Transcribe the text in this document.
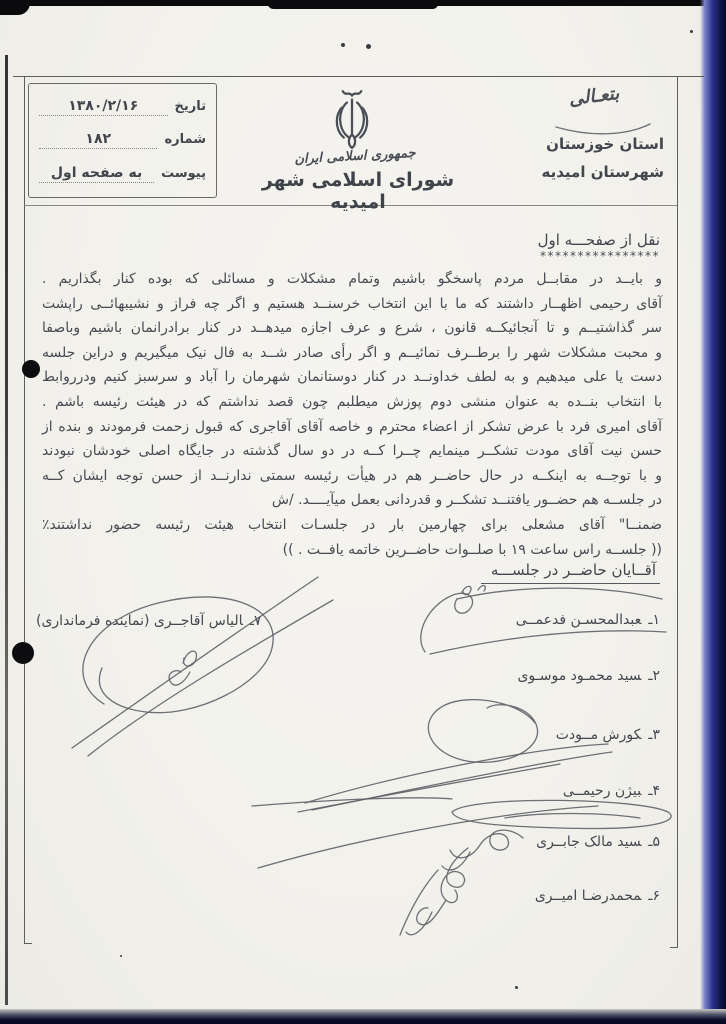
بتعـالی
استان خوزستان
شهرستان امیدیه
جمهوری اسلامی ایران
شورای اسلامی شهر امیدیه
تاریخ
۱۳۸۰/۲/۱۶
شماره
۱۸۲
پیوست
به صفحه اول
نقل از صفحـــه اول
****************
و بایــد در مقابــل مردم پاسخگو باشیم وتمام مشکلات و مسائلی که بوده کنار بگذاریم .
آقای رحیمی اظهــار داشتند که ما با این انتخاب خرسنــد هستیم و اگر چه فراز و نشیبهائــی راپشت
سر گذاشتیــم و تا آنجائیکــه قانون ، شرع و عرف اجازه میدهــد در کنار برادرانمان باشیم وباصفا
و محبت مشکلات شهر را برطــرف نمائیــم و اگر رأی صادر شــد به فال نیک میگیریم و دراین جلسه
دست یا علی میدهیم و به لطف خداونــد در کنار دوستانمان شهرمان را آباد و سرسبز کنیم ودرروابط
با انتخاب بنــده به عنوان منشی دوم پوزش میطلبم چون قصد نداشتم که در هیئت رئیسه باشم .
آقای امیری فرد با عرض تشکر از اعضاء محترم و خاصه آقای آقاجری که قبول زحمت فرمودند و بنده از
حسن نیت آقای مودت تشکــر مینمایم چــرا کــه در دو سال گذشته در جایگاه اصلی خودشان نبودند
و با توجــه به اینکــه در حال حاضــر هم در هیأت رئیسه سمتی ندارنــد از حسن توجه ایشان کــه
در جلســه هم حضــور یافتنــد تشکــر و قدردانی بعمل میآیــــد. /ش
ضمنــا" آقای مشعلی برای چهارمین بار در جلسـات انتخاب هیئت رئیسه حضور نداشتند٪
(( جلســه راس ساعت ۱۹ با صلــوات حاضــرین خاتمه یافــت . ))
آقــایان حاضــر در جلســـه
۱ـعبدالمحسـن فدعمــی
۲ـسید محمـود موسـوی
۳ـکورش مــودت
۴ـبیژن رحیمــی
۵ـسید مالک جابــری
۶ـمحمدرضـا امیــری
۷ـالیاس آقاجــری (نماینده فرمانداری)
